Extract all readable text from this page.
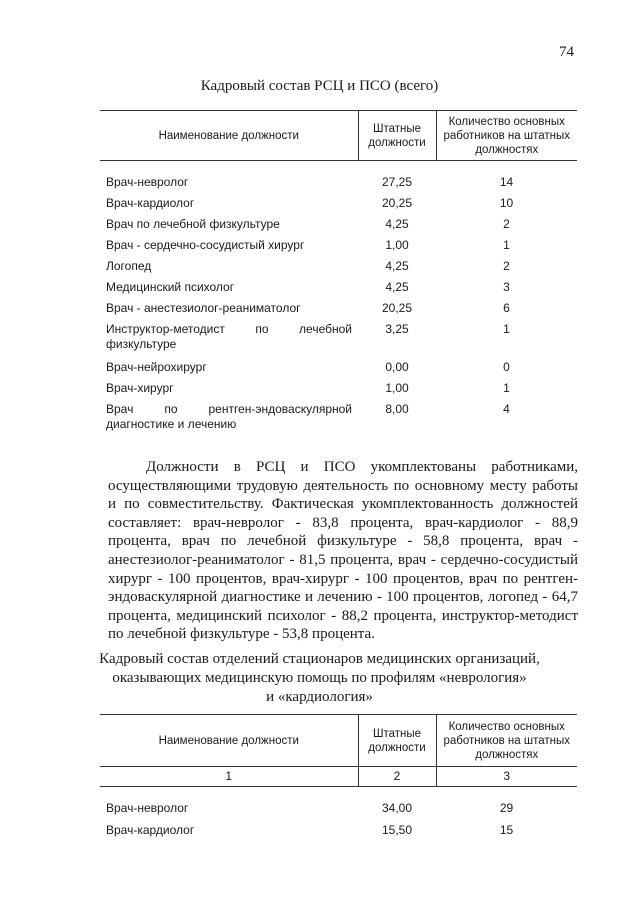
74
Кадровый состав РСЦ и ПСО (всего)
Наименование должности	Штатные должности	Количество основных работников на штатных должностях

Врач-невролог	27,25	14

Врач-кардиолог	20,25	10

Врач по лечебной физкультуре	4,25	2

Врач - сердечно-сосудистый хирург	1,00	1

Логопед	4,25	2

Медицинский психолог	4,25	3

Врач - анестезиолог-реаниматолог	20,25	6

Инструктор-методист по лечебной физкультуре	3,25	1

Врач-нейрохирург	0,00	0

Врач-хирург	1,00	1

Врач по рентген-эндоваскулярной диагностике и лечению	8,00	4
Должности в РСЦ и ПСО укомплектованы работниками, осуществляющими трудовую деятельность по основному месту работы и по совместительству. Фактическая укомплектованность должностей составляет: врач-невролог - 83,8 процента, врач-кардиолог - 88,9 процента, врач по лечебной физкультуре - 58,8 процента, врач - анестезиолог-реаниматолог - 81,5 процента, врач - сердечно-сосудистый хирург - 100 процентов, врач-хирург - 100 процентов, врач по рентген-эндоваскулярной диагностике и лечению - 100 процентов, логопед - 64,7 процента, медицинский психолог - 88,2 процента, инструктор-методист по лечебной физкультуре - 53,8 процента.
Кадровый состав отделений стационаров медицинских организаций,
оказывающих медицинскую помощь по профилям «неврология»
и «кардиология»
Наименование должности	Штатные должности	Количество основных работников на штатных должностях
1	2	3

Врач-невролог	34,00	29

Врач-кардиолог	15,50	15
